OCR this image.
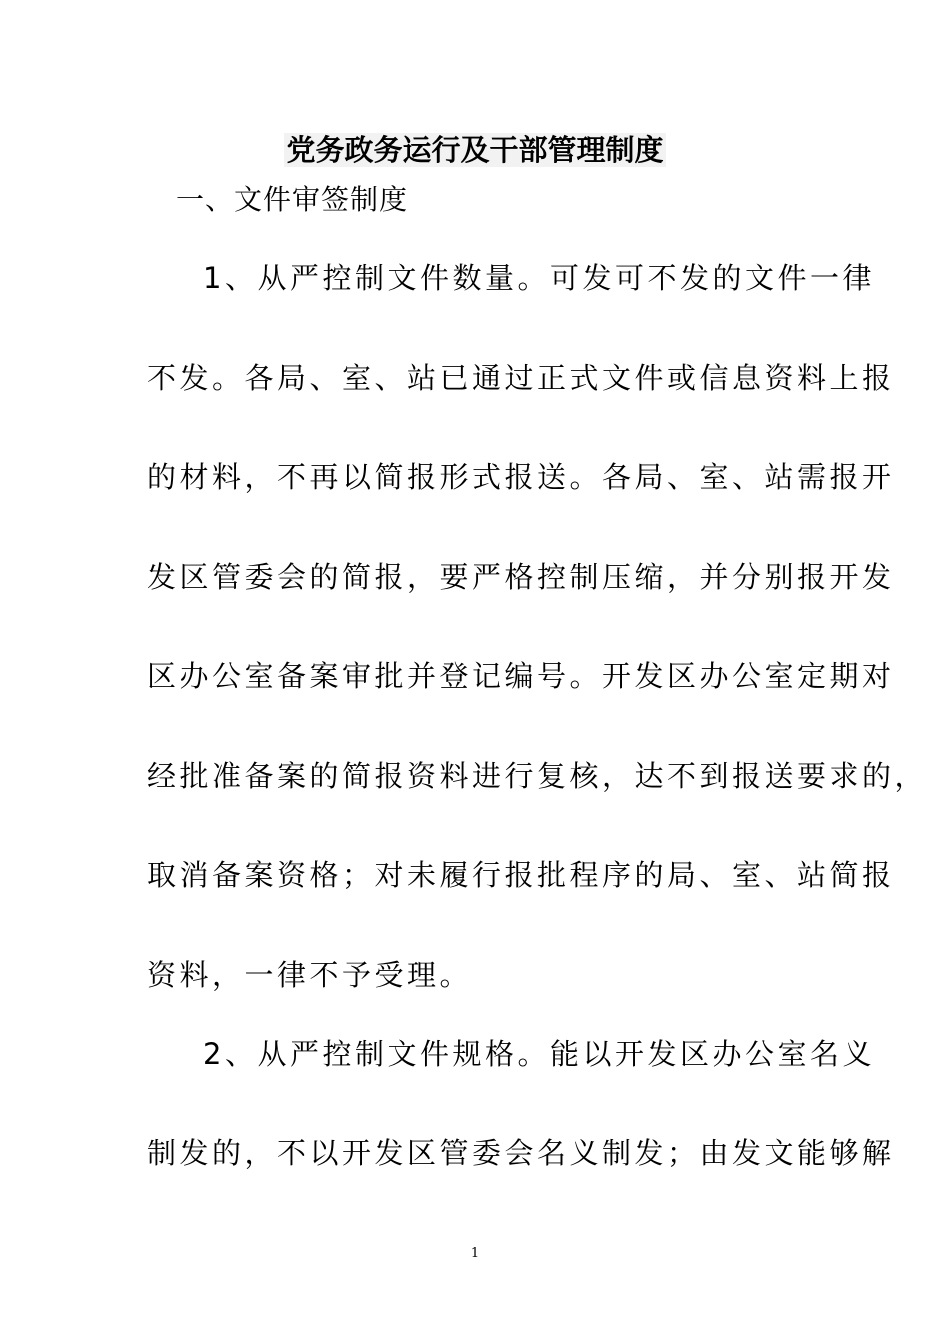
党务政务运行及干部管理制度
一、文件审签制度
1、从严控制文件数量。可发可不发的文件一律
不发。各局、室、站已通过正式文件或信息资料上报
的材料，不再以简报形式报送。各局、室、站需报开
发区管委会的简报，要严格控制压缩，并分别报开发
区办公室备案审批并登记编号。开发区办公室定期对
经批准备案的简报资料进行复核，达不到报送要求的，
取消备案资格；对未履行报批程序的局、室、站简报
资料，一律不予受理。
2、从严控制文件规格。能以开发区办公室名义
制发的，不以开发区管委会名义制发；由发文能够解
1
